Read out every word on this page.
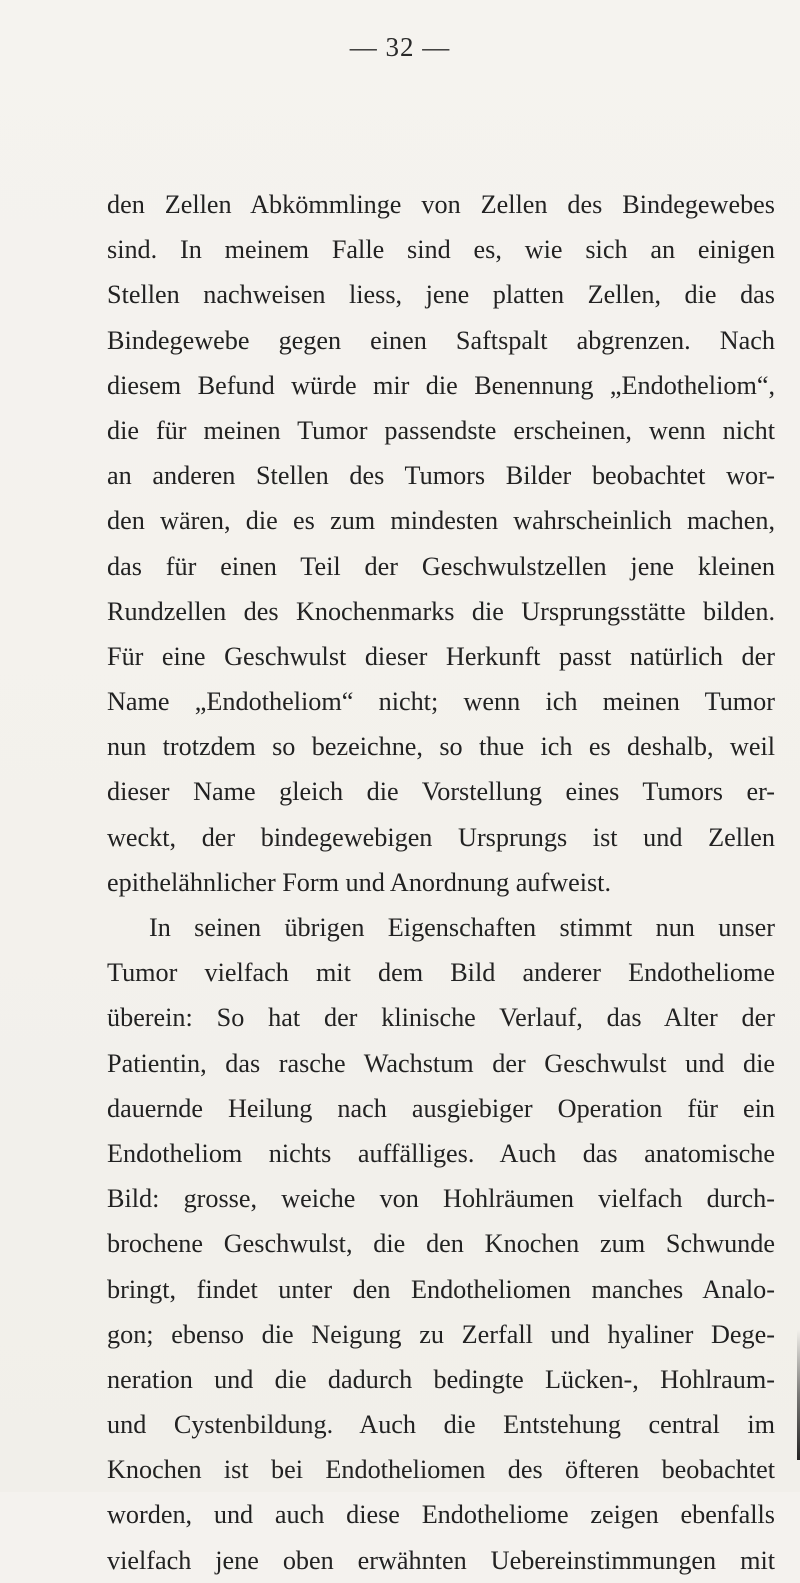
— 32 —
den Zellen Abkömmlinge von Zellen des Bindegewebes
sind. In meinem Falle sind es, wie sich an einigen
Stellen nachweisen liess, jene platten Zellen, die das
Bindegewebe gegen einen Saftspalt abgrenzen. Nach
diesem Befund würde mir die Benennung „Endotheliom“,
die für meinen Tumor passendste erscheinen, wenn nicht
an anderen Stellen des Tumors Bilder beobachtet wor-
den wären, die es zum mindesten wahrscheinlich machen,
das für einen Teil der Geschwulstzellen jene kleinen
Rundzellen des Knochenmarks die Ursprungsstätte bilden.
Für eine Geschwulst dieser Herkunft passt natürlich der
Name „Endotheliom“ nicht; wenn ich meinen Tumor
nun trotzdem so bezeichne, so thue ich es deshalb, weil
dieser Name gleich die Vorstellung eines Tumors er-
weckt, der bindegewebigen Ursprungs ist und Zellen
epithelähnlicher Form und Anordnung aufweist.
In seinen übrigen Eigenschaften stimmt nun unser
Tumor vielfach mit dem Bild anderer Endotheliome
überein: So hat der klinische Verlauf, das Alter der
Patientin, das rasche Wachstum der Geschwulst und die
dauernde Heilung nach ausgiebiger Operation für ein
Endotheliom nichts auffälliges. Auch das anatomische
Bild: grosse, weiche von Hohlräumen vielfach durch-
brochene Geschwulst, die den Knochen zum Schwunde
bringt, findet unter den Endotheliomen manches Analo-
gon; ebenso die Neigung zu Zerfall und hyaliner Dege-
neration und die dadurch bedingte Lücken-, Hohlraum-
und Cystenbildung. Auch die Entstehung central im
Knochen ist bei Endotheliomen des öfteren beobachtet
worden, und auch diese Endotheliome zeigen ebenfalls
vielfach jene oben erwähnten Uebereinstimmungen mit
